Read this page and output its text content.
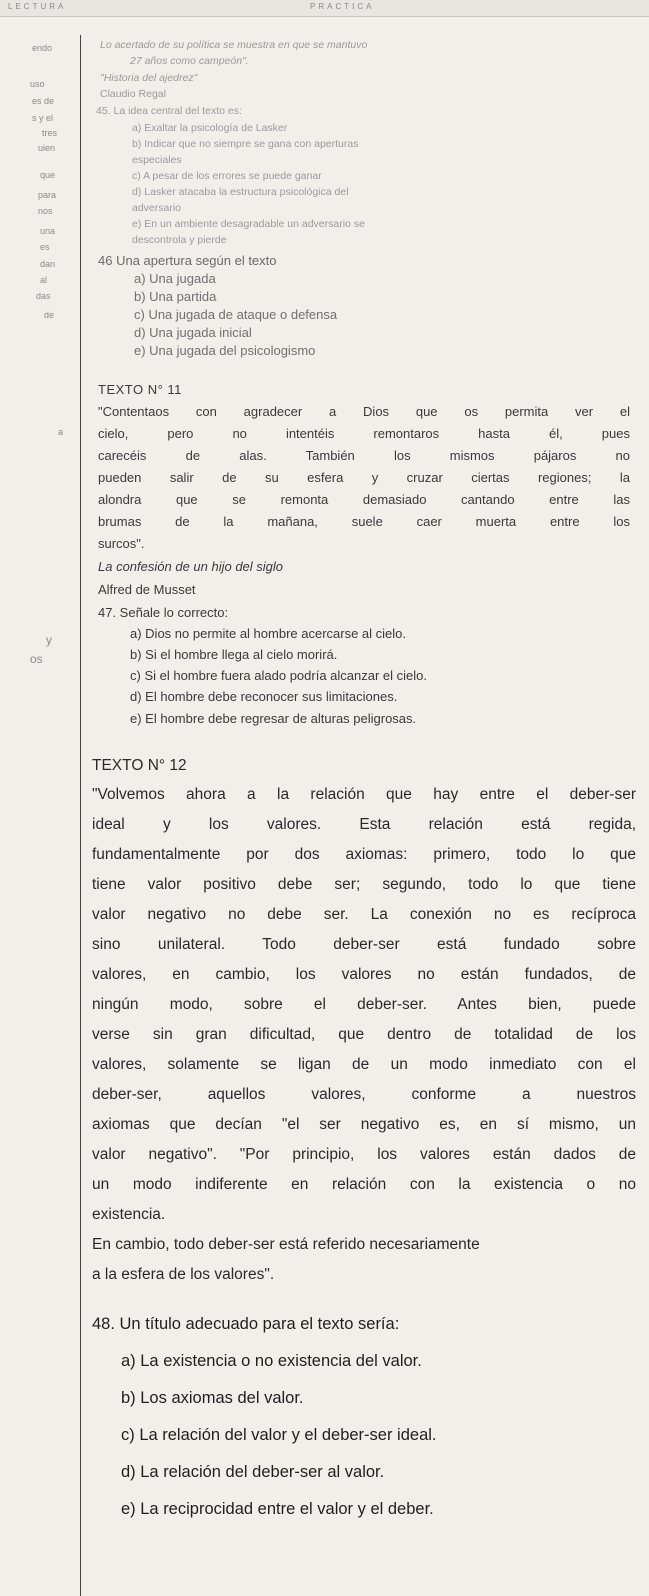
LECTURA	PRACTICA
endo
uso
es de
s y el
tres
uien
que
para
nos
una
es
dan
al
das
de
a
y
os
Lo acertado de su política se muestra en que se mantuvo
27 años como campeón".
"Historia del ajedrez"
Claudio Regal
45. La idea central del texto es:
a) Exaltar la psicología de Lasker
b) Indicar que no siempre se gana con aperturas
especiales
c) A pesar de los errores se puede ganar
d) Lasker atacaba la estructura psicológica del
adversario
e) En un ambiente desagradable un adversario se
descontrola y pierde
46 Una apertura según el texto
a) Una jugada
b) Una partida
c) Una jugada de ataque o defensa
d) Una jugada inicial
e) Una jugada del psicologismo
TEXTO N° 11
"Contentaos con agradecer a Dios que os permita ver el
cielo, pero no intentéis remontaros hasta él, pues
carecéis de alas. También los mismos pájaros no
pueden salir de su esfera y cruzar ciertas regiones; la
alondra que se remonta demasiado cantando entre las
brumas de la mañana, suele caer muerta entre los
surcos".
La confesión de un hijo del siglo
Alfred de Musset
47. Señale lo correcto:
a) Dios no permite al hombre acercarse al cielo.
b) Si el hombre llega al cielo morirá.
c) Si el hombre fuera alado podría alcanzar el cielo.
d) El hombre debe reconocer sus limitaciones.
e) El hombre debe regresar de alturas peligrosas.
TEXTO N° 12
"Volvemos ahora a la relación que hay entre el deber-ser
ideal y los valores. Esta relación está regida,
fundamentalmente por dos axiomas: primero, todo lo que
tiene valor positivo debe ser; segundo, todo lo que tiene
valor negativo no debe ser. La conexión no es recíproca
sino unilateral. Todo deber-ser está fundado sobre
valores, en cambio, los valores no están fundados, de
ningún modo, sobre el deber-ser. Antes bien, puede
verse sin gran dificultad, que dentro de totalidad de los
valores, solamente se ligan de un modo inmediato con el
deber-ser, aquellos valores, conforme a nuestros
axiomas que decían "el ser negativo es, en sí mismo, un
valor negativo". "Por principio, los valores están dados de
un modo indiferente en relación con la existencia o no
existencia.
En cambio, todo deber-ser está referido necesariamente
a la esfera de los valores".
48. Un título adecuado para el texto sería:
a) La existencia o no existencia del valor.
b) Los axiomas del valor.
c) La relación del valor y el deber-ser ideal.
d) La relación del deber-ser al valor.
e) La reciprocidad entre el valor y el deber.
